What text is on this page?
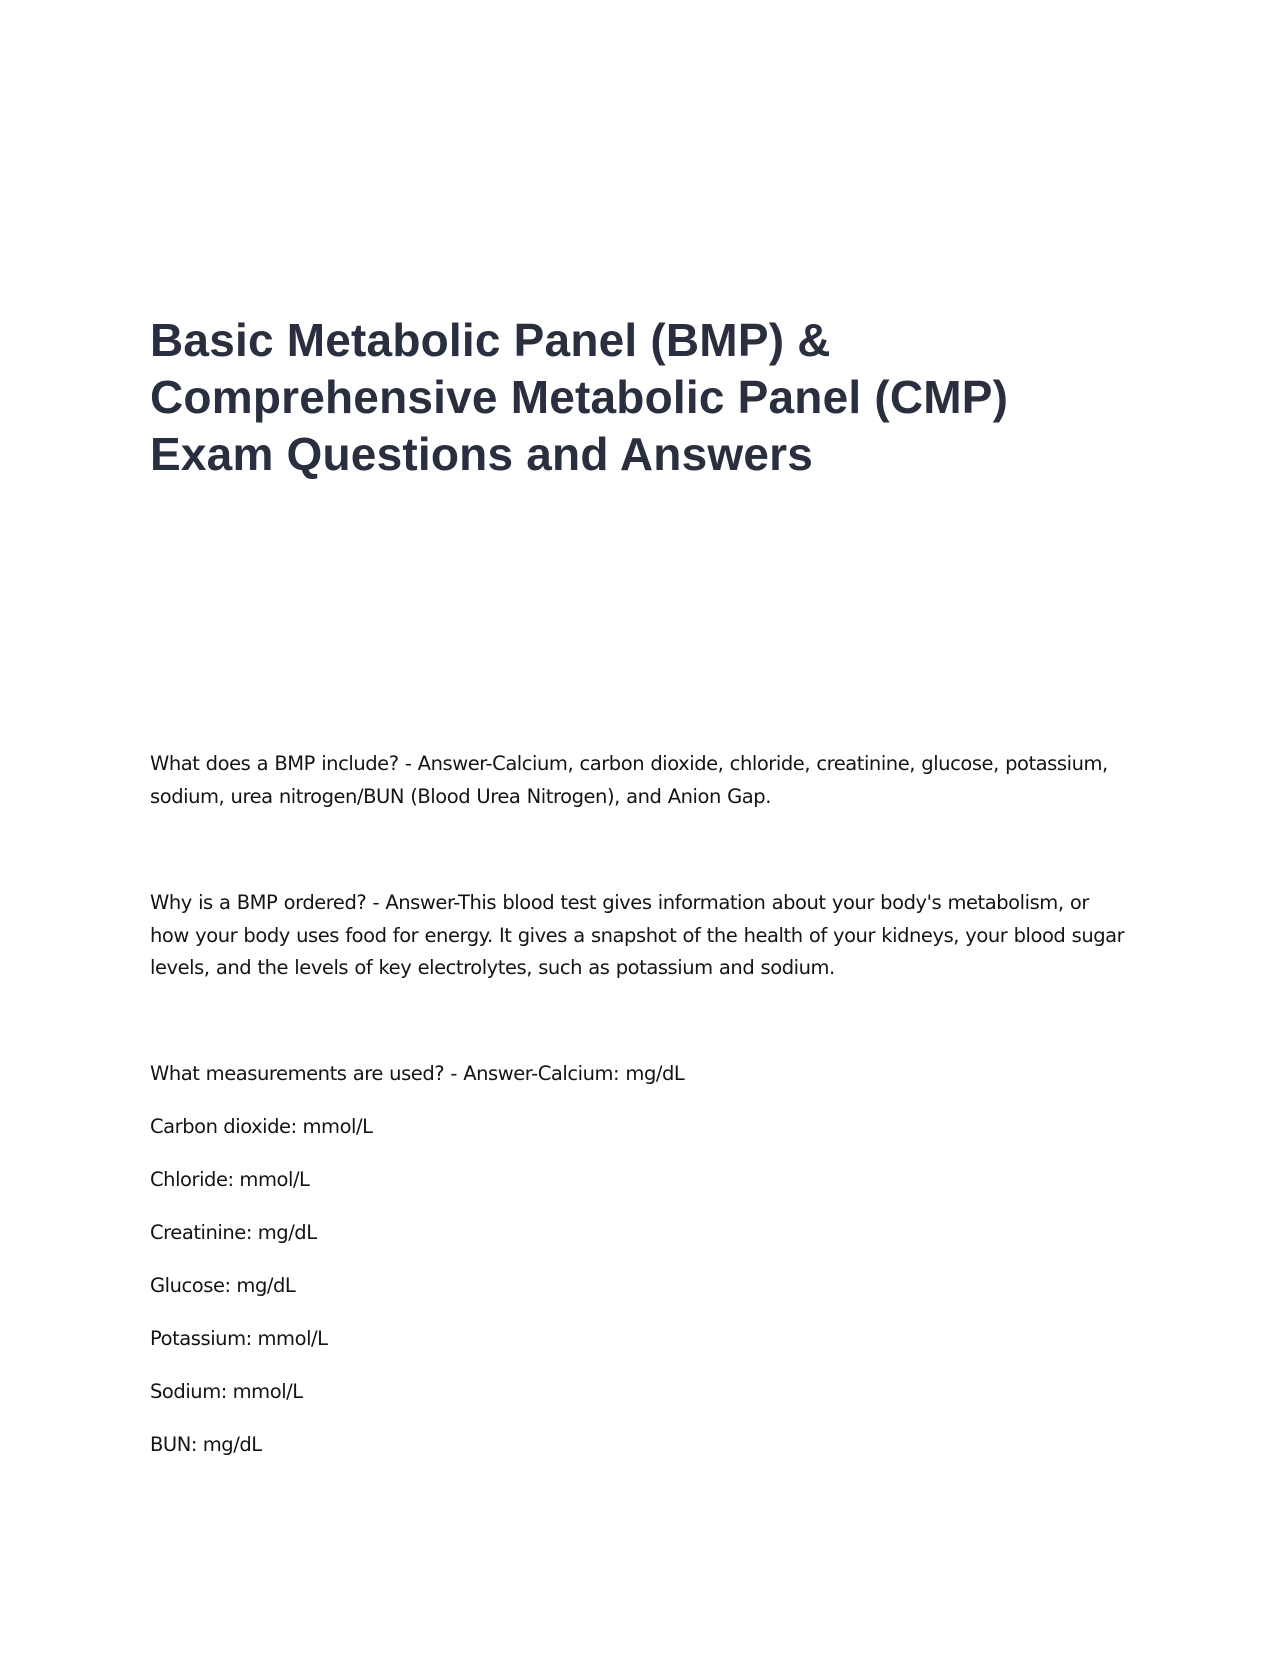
Basic Metabolic Panel (BMP) &
Comprehensive Metabolic Panel (CMP)
Exam Questions and Answers

What does a BMP include? - Answer-Calcium, carbon dioxide, chloride, creatinine, glucose, potassium, sodium, urea nitrogen/BUN (Blood Urea Nitrogen), and Anion Gap.

Why is a BMP ordered? - Answer-This blood test gives information about your body's metabolism, or how your body uses food for energy. It gives a snapshot of the health of your kidneys, your blood sugar levels, and the levels of key electrolytes, such as potassium and sodium.

What measurements are used? - Answer-Calcium: mg/dL

Carbon dioxide: mmol/L

Chloride: mmol/L

Creatinine: mg/dL

Glucose: mg/dL

Potassium: mmol/L

Sodium: mmol/L

BUN: mg/dL
